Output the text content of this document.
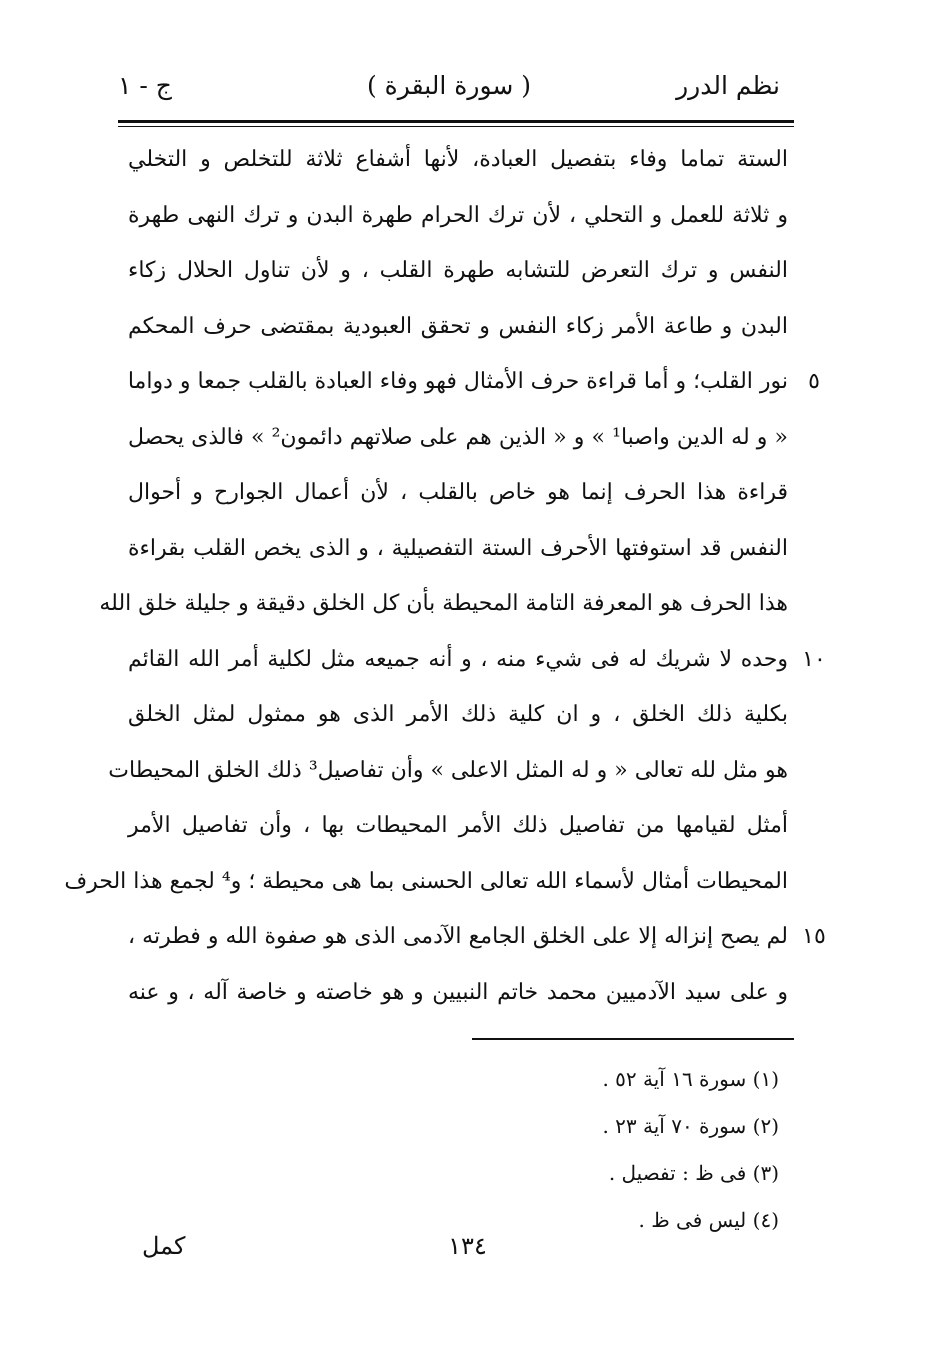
نظم الدرر
( سورة البقرة )
ج - ١
الستة تماما وفاء بتفصيل العبادة، لأنها أشفاع ثلاثة للتخلص و التخلي
و ثلاثة للعمل و التحلي ، لأن ترك الحرام طهرة البدن و ترك النهى طهرة
النفس و ترك التعرض للتشابه طهرة القلب ، و لأن تناول الحلال زكاء
البدن و طاعة الأمر زكاء النفس و تحقق العبودية بمقتضى حرف المحكم
نور القلب؛ و أما قراءة حرف الأمثال فهو وفاء العبادة بالقلب جمعا و دواما ٥
« و له الدين واصبا¹ » و « الذين هم على صلاتهم دائمون² » فالذى يحصل
قراءة هذا الحرف إنما هو خاص بالقلب ، لأن أعمال الجوارح و أحوال
النفس قد استوفتها الأحرف الستة التفصيلية ، و الذى يخص القلب بقراءة
هذا الحرف هو المعرفة التامة المحيطة بأن كل الخلق دقيقة و جليلة خلق الله
وحده لا شريك له فى شيء منه ، و أنه جميعه مثل لكلية أمر الله القائم ١٠
بكلية ذلك الخلق ، و ان كلية ذلك الأمر الذى هو ممثول لمثل الخلق
هو مثل لله تعالى « و له المثل الاعلى » وأن تفاصيل³ ذلك الخلق المحيطات
أمثل لقيامها من تفاصيل ذلك الأمر المحيطات بها ، وأن تفاصيل الأمر
المحيطات أمثال لأسماء الله تعالى الحسنى بما هى محيطة ؛ و⁴ لجمع هذا الحرف
لم يصح إنزاله إلا على الخلق الجامع الآدمى الذى هو صفوة الله و فطرته ، ١٥
و على سيد الآدميين محمد خاتم النبيين و هو خاصته و خاصة آله ، و عنه
(١) سورة ١٦ آية ٥٢ .
(٢) سورة ٧٠ آية ٢٣ .
(٣) فى ظ : تفصيل .
(٤) ليس فى ظ .
كمل	١٣٤
